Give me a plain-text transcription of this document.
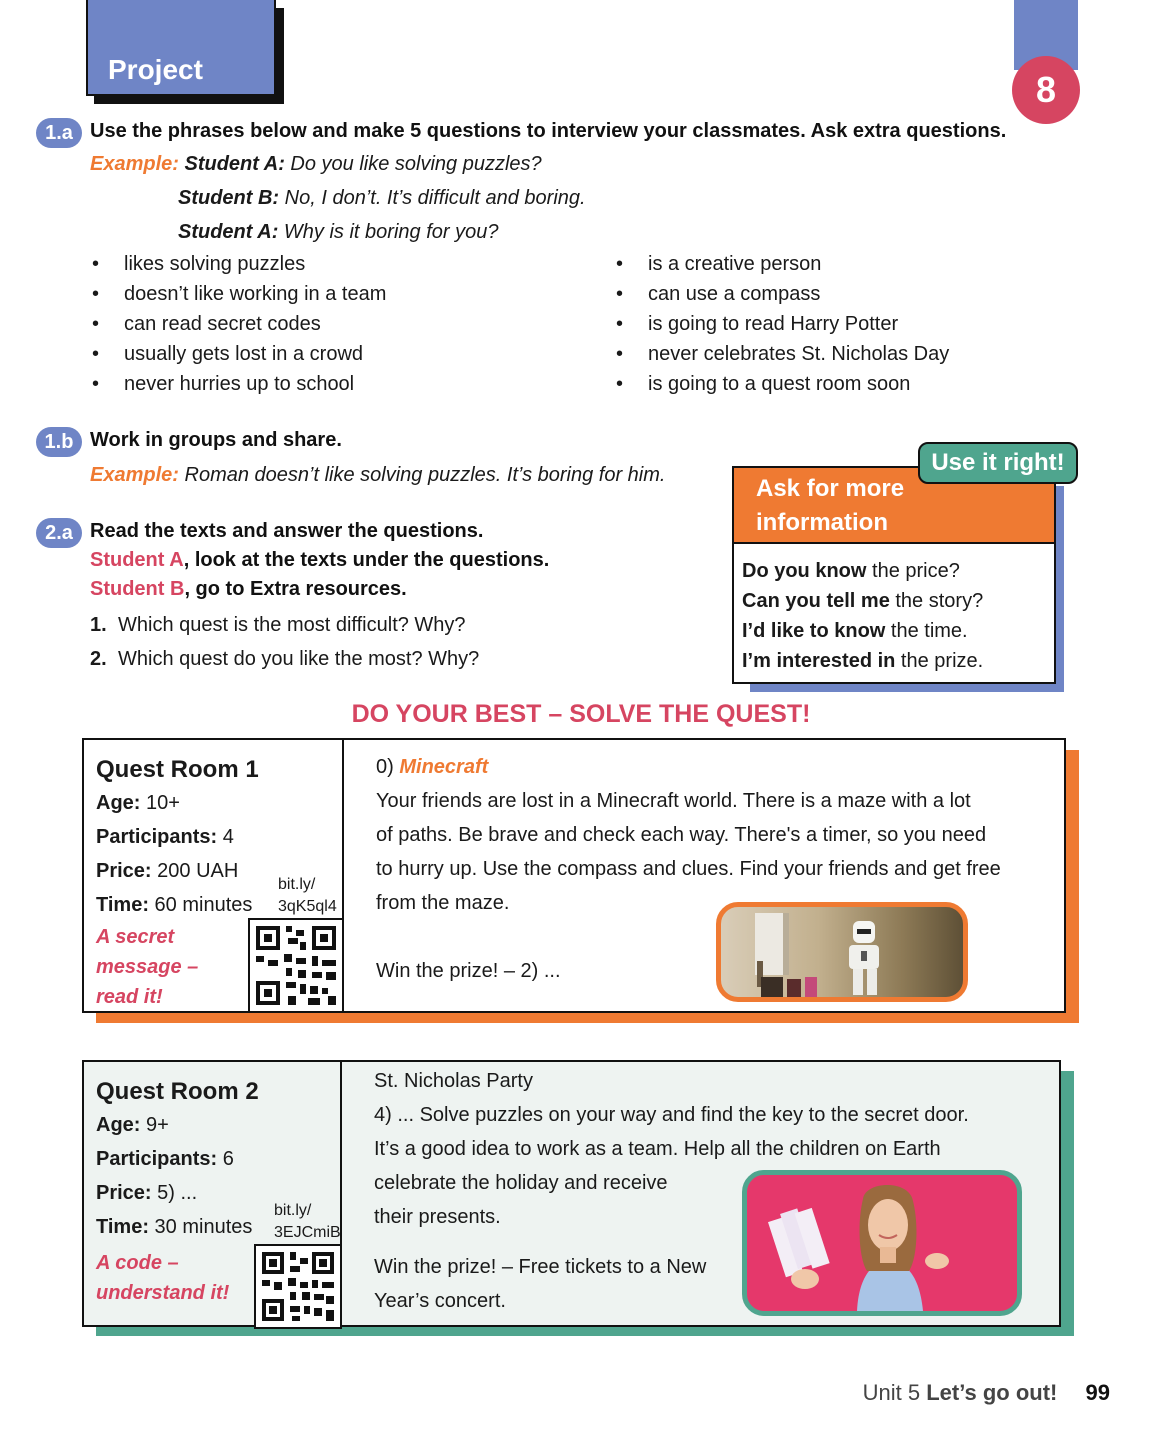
Project	8
1.a Use the phrases below and make 5 questions to interview your classmates. Ask extra questions.
Example: Student A: Do you like solving puzzles?
Student B: No, I don’t. It’s difficult and boring.
Student A: Why is it boring for you?
• likes solving puzzles
• doesn’t like working in a team
• can read secret codes
• usually gets lost in a crowd
• never hurries up to school
• is a creative person
• can use a compass
• is going to read Harry Potter
• never celebrates St. Nicholas Day
• is going to a quest room soon
1.b Work in groups and share.
Example: Roman doesn’t like solving puzzles. It’s boring for him.
2.a Read the texts and answer the questions.
Student A, look at the texts under the questions.
Student B, go to Extra resources.
1. Which quest is the most difficult? Why?
2. Which quest do you like the most? Why?
Ask for more
information
Do you know the price?
Can you tell me the story?
I’d like to know the time.
I’m interested in the prize.
Use it right!
DO YOUR BEST – SOLVE THE QUEST!
Quest Room 1
Age: 10+
Participants: 4
Price: 200 UAH
Time: 60 minutes
A secret
message –
read it!
bit.ly/
3qK5ql4
0) Minecraft
Your friends are lost in a Minecraft world. There is a maze with a lot
of paths. Be brave and check each way. There's a timer, so you need
to hurry up. Use the compass and clues. Find your friends and get free
from the maze.
Win the prize! – 2) ...
Quest Room 2
Age: 9+
Participants: 6
Price: 5) ...
Time: 30 minutes
A code –
understand it!
bit.ly/
3EJCmiB
St. Nicholas Party
4) ... Solve puzzles on your way and find the key to the secret door.
It’s a good idea to work as a team. Help all the children on Earth
celebrate the holiday and receive
their presents.
Win the prize! – Free tickets to a New
Year’s concert.
Unit 5 Let’s go out! 99
